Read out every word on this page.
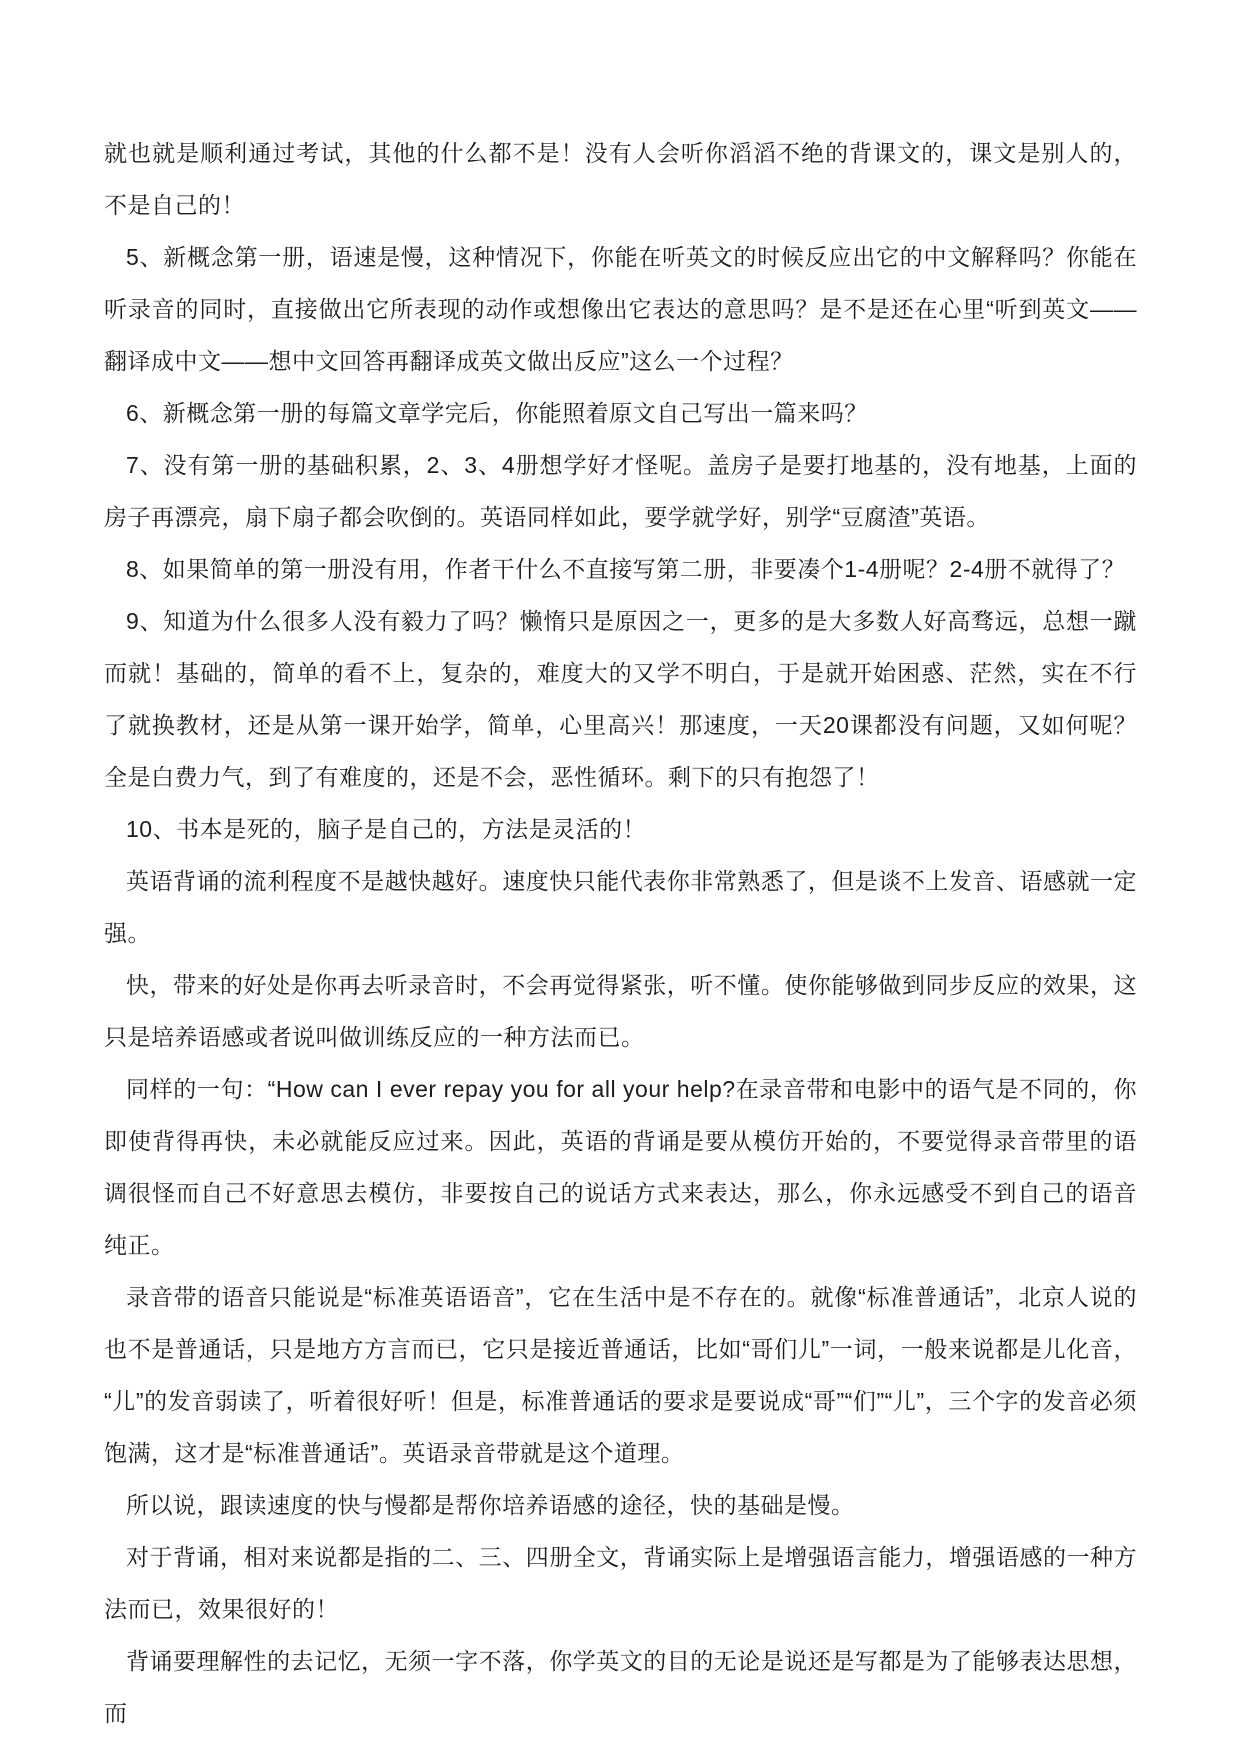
就也就是顺利通过考试，其他的什么都不是！没有人会听你滔滔不绝的背课文的，课文是别人的，不是自己的！

5、新概念第一册，语速是慢，这种情况下，你能在听英文的时候反应出它的中文解释吗？你能在听录音的同时，直接做出它所表现的动作或想像出它表达的意思吗？是不是还在心里“听到英文——翻译成中文——想中文回答再翻译成英文做出反应”这么一个过程？

6、新概念第一册的每篇文章学完后，你能照着原文自己写出一篇来吗？

7、没有第一册的基础积累，2、3、4册想学好才怪呢。盖房子是要打地基的，没有地基，上面的房子再漂亮，扇下扇子都会吹倒的。英语同样如此，要学就学好，别学“豆腐渣”英语。

8、如果简单的第一册没有用，作者干什么不直接写第二册，非要凑个1-4册呢？2-4册不就得了？

9、知道为什么很多人没有毅力了吗？懒惰只是原因之一，更多的是大多数人好高骛远，总想一蹴而就！基础的，简单的看不上，复杂的，难度大的又学不明白，于是就开始困惑、茫然，实在不行了就换教材，还是从第一课开始学，简单，心里高兴！那速度，一天20课都没有问题，又如何呢？全是白费力气，到了有难度的，还是不会，恶性循环。剩下的只有抱怨了！

10、书本是死的，脑子是自己的，方法是灵活的！

英语背诵的流利程度不是越快越好。速度快只能代表你非常熟悉了，但是谈不上发音、语感就一定强。

快，带来的好处是你再去听录音时，不会再觉得紧张，听不懂。使你能够做到同步反应的效果，这只是培养语感或者说叫做训练反应的一种方法而已。

同样的一句：“How can I ever repay you for all your help?在录音带和电影中的语气是不同的，你即使背得再快，未必就能反应过来。因此，英语的背诵是要从模仿开始的，不要觉得录音带里的语调很怪而自己不好意思去模仿，非要按自己的说话方式来表达，那么，你永远感受不到自己的语音纯正。

录音带的语音只能说是“标准英语语音”，它在生活中是不存在的。就像“标准普通话”，北京人说的也不是普通话，只是地方方言而已，它只是接近普通话，比如“哥们儿”一词，一般来说都是儿化音，“儿”的发音弱读了，听着很好听！但是，标准普通话的要求是要说成“哥”“们”“儿”，三个字的发音必须饱满，这才是“标准普通话”。英语录音带就是这个道理。

所以说，跟读速度的快与慢都是帮你培养语感的途径，快的基础是慢。

对于背诵，相对来说都是指的二、三、四册全文，背诵实际上是增强语言能力，增强语感的一种方法而已，效果很好的！

背诵要理解性的去记忆，无须一字不落，你学英文的目的无论是说还是写都是为了能够表达思想，而
